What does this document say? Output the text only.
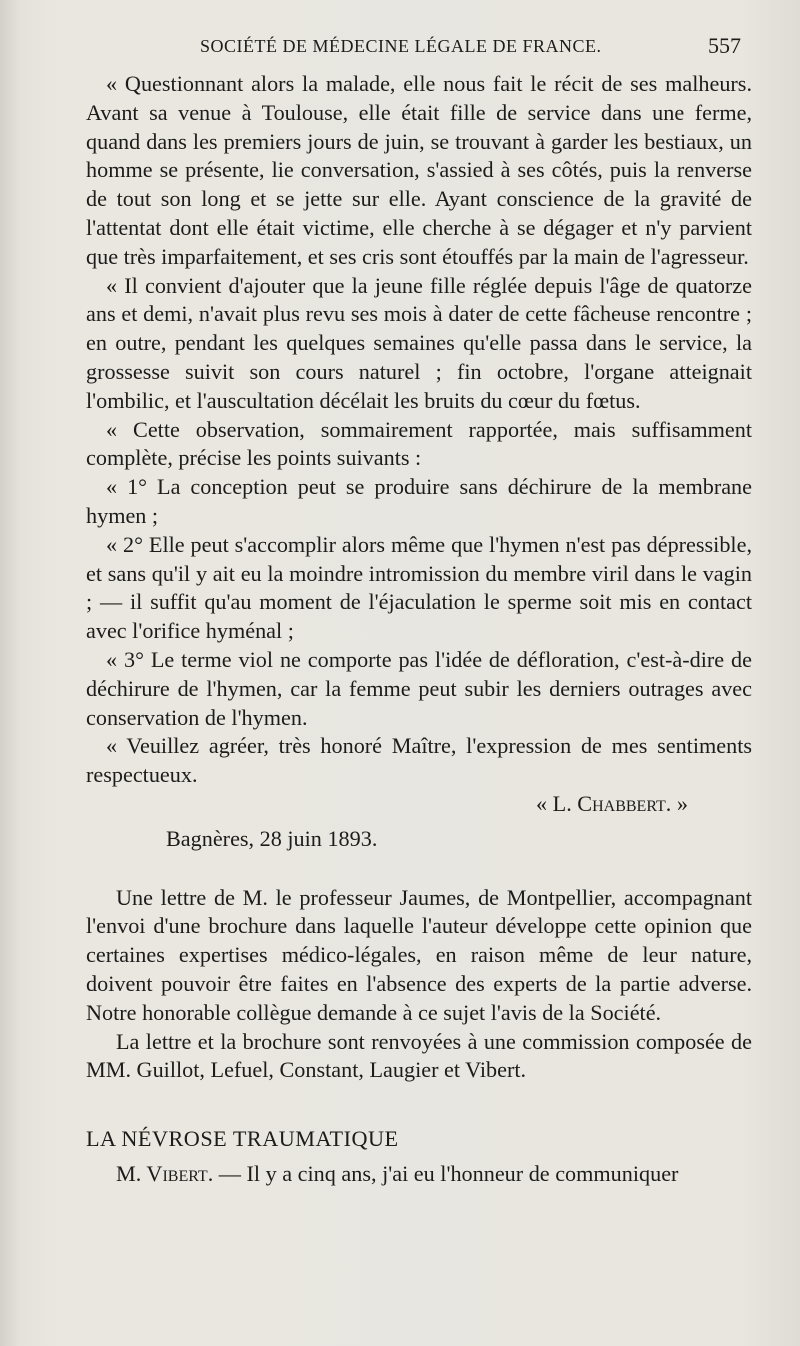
SOCIÉTÉ DE MÉDECINE LÉGALE DE FRANCE.	557

« Questionnant alors la malade, elle nous fait le récit de ses malheurs. Avant sa venue à Toulouse, elle était fille de service dans une ferme, quand dans les premiers jours de juin, se trouvant à garder les bestiaux, un homme se présente, lie conversation, s'assied à ses côtés, puis la renverse de tout son long et se jette sur elle. Ayant conscience de la gravité de l'attentat dont elle était victime, elle cherche à se dégager et n'y parvient que très imparfaitement, et ses cris sont étouffés par la main de l'agresseur.

« Il convient d'ajouter que la jeune fille réglée depuis l'âge de quatorze ans et demi, n'avait plus revu ses mois à dater de cette fâcheuse rencontre ; en outre, pendant les quelques semaines qu'elle passa dans le service, la grossesse suivit son cours naturel ; fin octobre, l'organe atteignait l'ombilic, et l'auscultation décélait les bruits du cœur du fœtus.

« Cette observation, sommairement rapportée, mais suffisamment complète, précise les points suivants :

« 1° La conception peut se produire sans déchirure de la membrane hymen ;

« 2° Elle peut s'accomplir alors même que l'hymen n'est pas dépressible, et sans qu'il y ait eu la moindre intromission du membre viril dans le vagin ; — il suffit qu'au moment de l'éjaculation le sperme soit mis en contact avec l'orifice hyménal ;

« 3° Le terme viol ne comporte pas l'idée de défloration, c'est-à-dire de déchirure de l'hymen, car la femme peut subir les derniers outrages avec conservation de l'hymen.

« Veuillez agréer, très honoré Maître, l'expression de mes sentiments respectueux.

« L. Chabbert. »

Bagnères, 28 juin 1893.

Une lettre de M. le professeur Jaumes, de Montpellier, accompagnant l'envoi d'une brochure dans laquelle l'auteur développe cette opinion que certaines expertises médico-légales, en raison même de leur nature, doivent pouvoir être faites en l'absence des experts de la partie adverse. Notre honorable collègue demande à ce sujet l'avis de la Société.

La lettre et la brochure sont renvoyées à une commission composée de MM. Guillot, Lefuel, Constant, Laugier et Vibert.

LA NÉVROSE TRAUMATIQUE

M. Vibert. — Il y a cinq ans, j'ai eu l'honneur de communiquer
